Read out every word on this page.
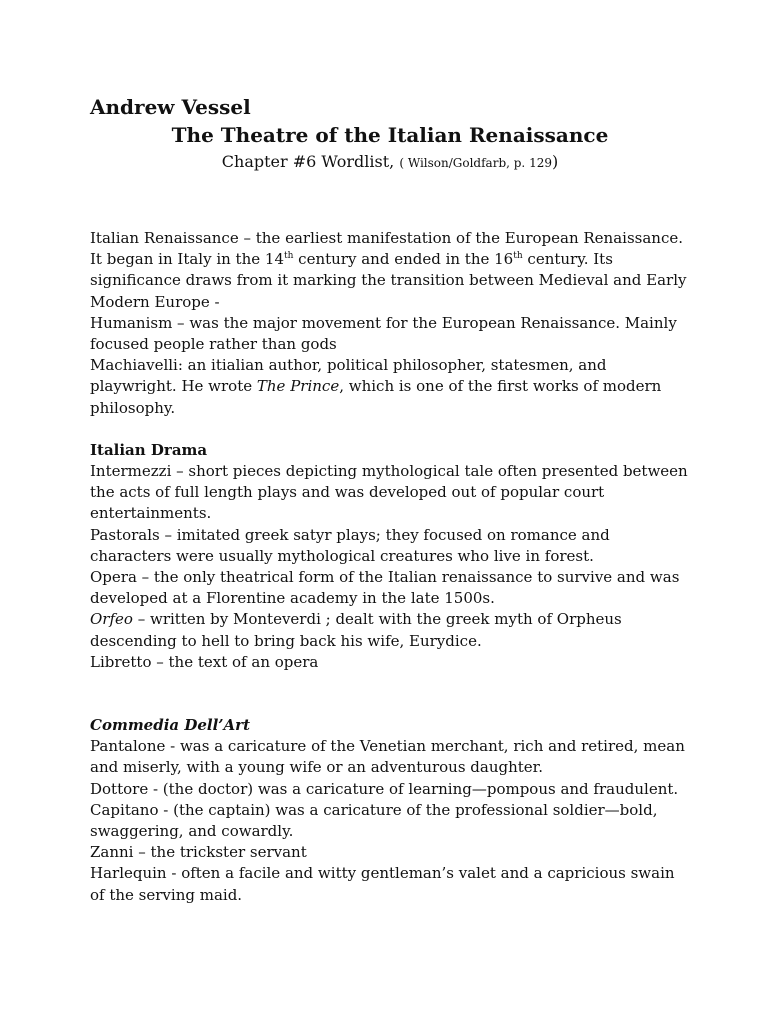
Andrew Vessel
The Theatre of the Italian Renaissance
Chapter #6 Wordlist, ( Wilson/Goldfarb, p. 129)

Italian Renaissance – the earliest manifestation of the European Renaissance. It began in Italy in the 14th century and ended in the 16th century. Its significance draws from it marking the transition between Medieval and Early Modern Europe -

Humanism – was the major movement for the European Renaissance. Mainly focused people rather than gods

Machiavelli: an itialian author, political philosopher, statesmen, and playwright. He wrote The Prince, which is one of the first works of modern philosophy.

Italian Drama

Intermezzi – short pieces depicting mythological tale often presented between the acts of full length plays and was developed out of popular court entertainments.

Pastorals – imitated greek satyr plays; they focused on romance and characters were usually mythological creatures who live in forest.

Opera – the only theatrical form of the Italian renaissance to survive and was developed at a Florentine academy in the late 1500s.

Orfeo – written by Monteverdi ; dealt with the greek myth of Orpheus descending to hell to bring back his wife, Eurydice.

Libretto – the text of an opera

Commedia Dell’Art

Pantalone - was a caricature of the Venetian merchant, rich and retired, mean and miserly, with a young wife or an adventurous daughter.

Dottore - (the doctor) was a caricature of learning—pompous and fraudulent.

Capitano - (the captain) was a caricature of the professional soldier—bold, swaggering, and cowardly.

Zanni – the trickster servant

Harlequin - often a facile and witty gentleman’s valet and a capricious swain of the serving maid.
